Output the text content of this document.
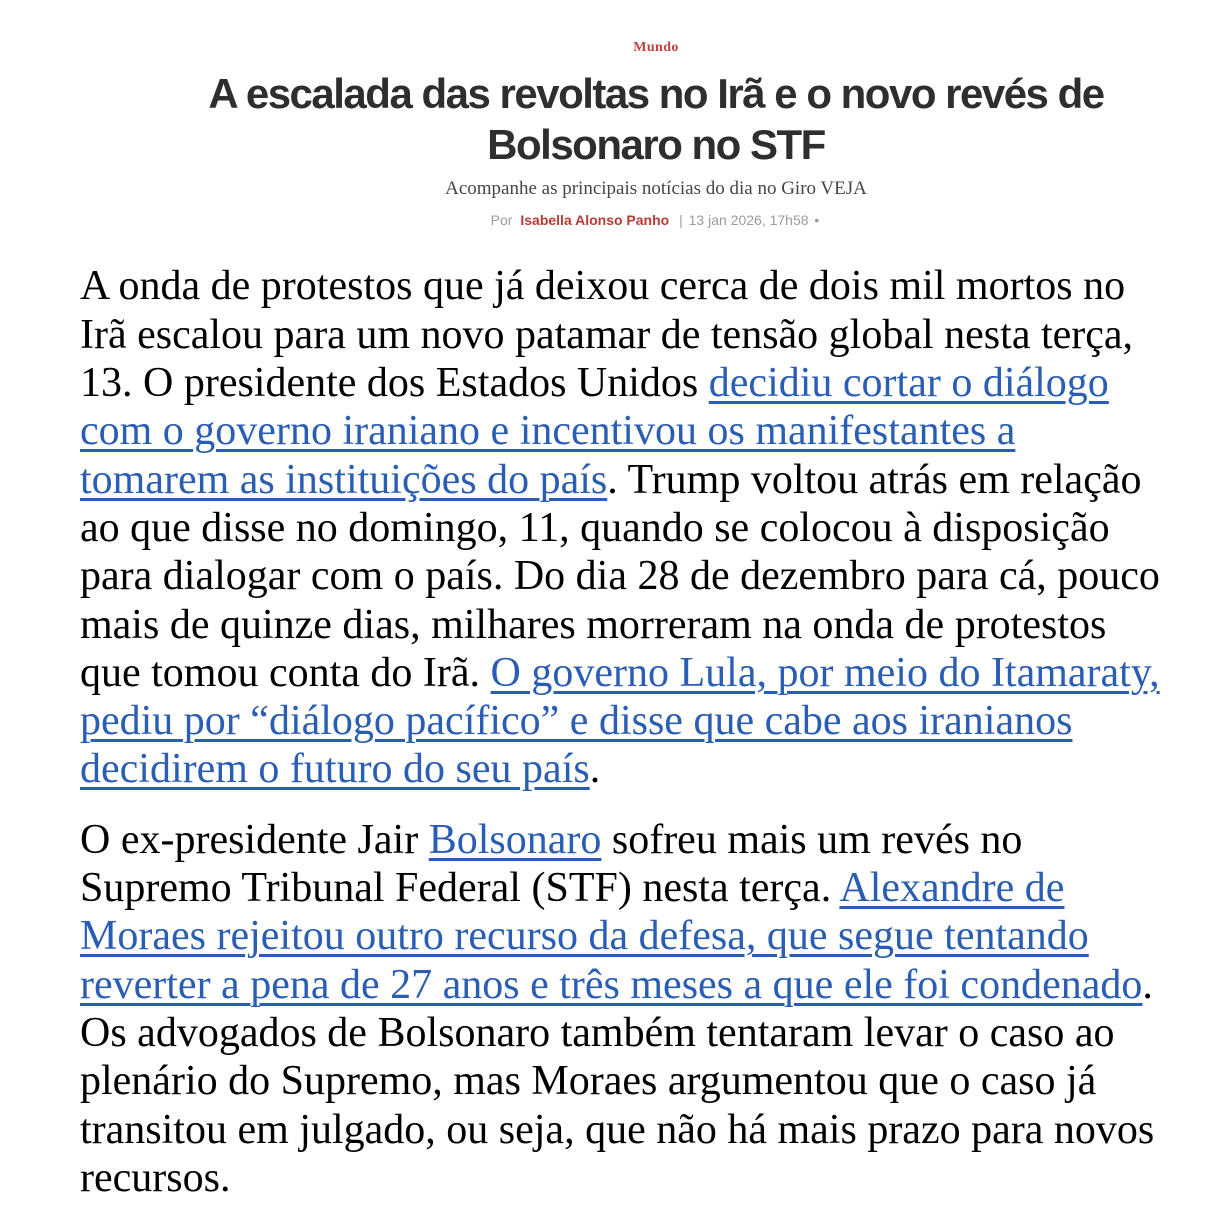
Mundo
A escalada das revoltas no Irã e o novo revés de
Bolsonaro no STF
Acompanhe as principais notícias do dia no Giro VEJA
Por Isabella Alonso Panho | 13 jan 2026, 17h58 •

A onda de protestos que já deixou cerca de dois mil mortos no Irã escalou para um novo patamar de tensão global nesta terça, 13. O presidente dos Estados Unidos decidiu cortar o diálogo com o governo iraniano e incentivou os manifestantes a tomarem as instituições do país. Trump voltou atrás em relação ao que disse no domingo, 11, quando se colocou à disposição para dialogar com o país. Do dia 28 de dezembro para cá, pouco mais de quinze dias, milhares morreram na onda de protestos que tomou conta do Irã. O governo Lula, por meio do Itamaraty, pediu por “diálogo pacífico” e disse que cabe aos iranianos decidirem o futuro do seu país.

O ex-presidente Jair Bolsonaro sofreu mais um revés no Supremo Tribunal Federal (STF) nesta terça. Alexandre de Moraes rejeitou outro recurso da defesa, que segue tentando reverter a pena de 27 anos e três meses a que ele foi condenado. Os advogados de Bolsonaro também tentaram levar o caso ao plenário do Supremo, mas Moraes argumentou que o caso já transitou em julgado, ou seja, que não há mais prazo para novos recursos.
